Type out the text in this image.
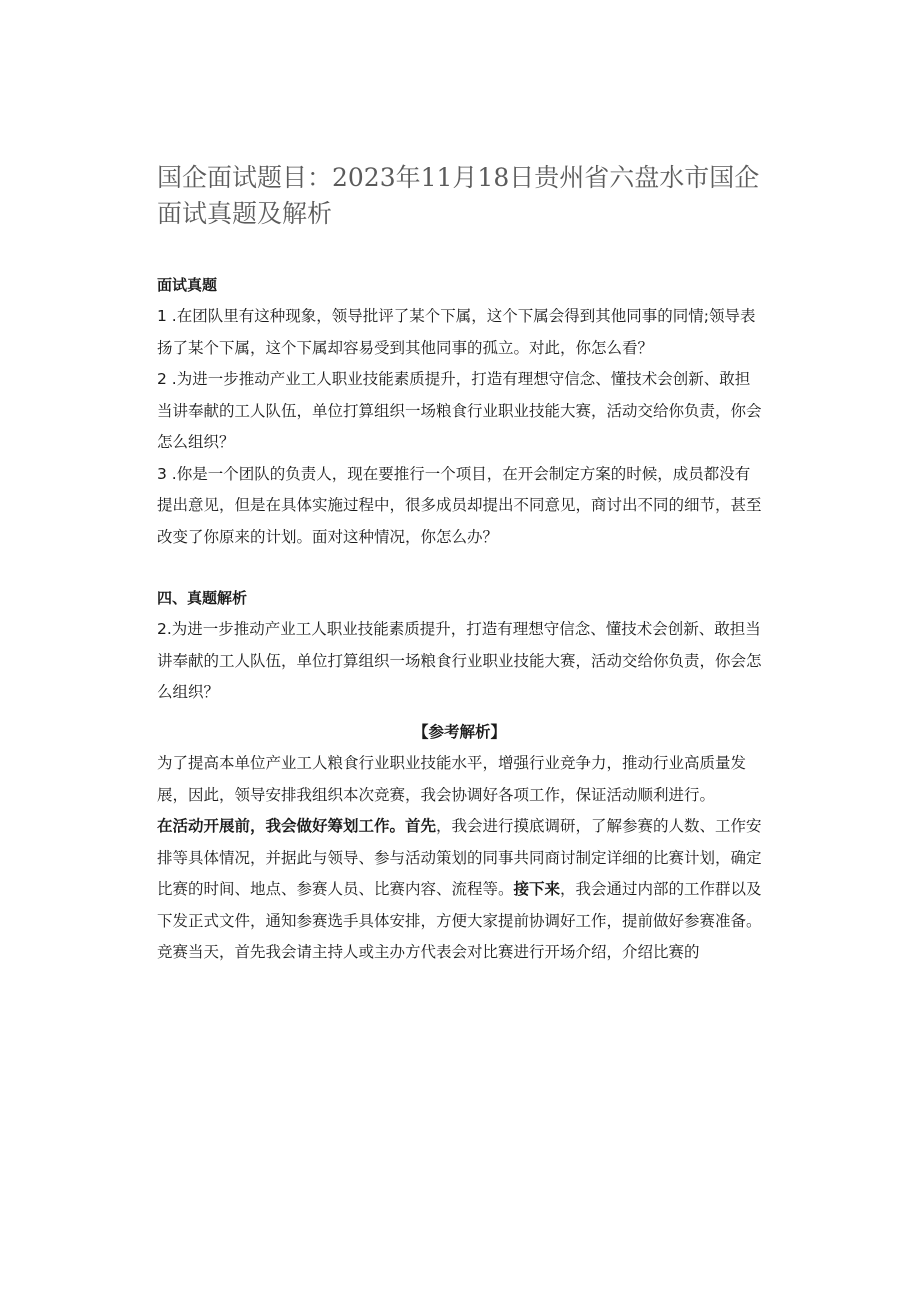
国企面试题目：2023年11月18日贵州省六盘水市国企面试真题及解析

面试真题

1 .在团队里有这种现象，领导批评了某个下属，这个下属会得到其他同事的同情;领导表扬了某个下属，这个下属却容易受到其他同事的孤立。对此，你怎么看？

2 .为进一步推动产业工人职业技能素质提升，打造有理想守信念、懂技术会创新、敢担当讲奉献的工人队伍，单位打算组织一场粮食行业职业技能大赛，活动交给你负责，你会怎么组织？

3 .你是一个团队的负责人，现在要推行一个项目，在开会制定方案的时候，成员都没有提出意见，但是在具体实施过程中，很多成员却提出不同意见，商讨出不同的细节，甚至改变了你原来的计划。面对这种情况，你怎么办？

四、真题解析

2.为进一步推动产业工人职业技能素质提升，打造有理想守信念、懂技术会创新、敢担当讲奉献的工人队伍，单位打算组织一场粮食行业职业技能大赛，活动交给你负责，你会怎么组织？

【参考解析】

为了提高本单位产业工人粮食行业职业技能水平，增强行业竞争力，推动行业高质量发展，因此，领导安排我组织本次竞赛，我会协调好各项工作，保证活动顺利进行。

在活动开展前，我会做好筹划工作。首先，我会进行摸底调研，了解参赛的人数、工作安排等具体情况，并据此与领导、参与活动策划的同事共同商讨制定详细的比赛计划，确定比赛的时间、地点、参赛人员、比赛内容、流程等。接下来，我会通过内部的工作群以及下发正式文件，通知参赛选手具体安排，方便大家提前协调好工作，提前做好参赛准备。

竞赛当天，首先我会请主持人或主办方代表会对比赛进行开场介绍，介绍比赛的
